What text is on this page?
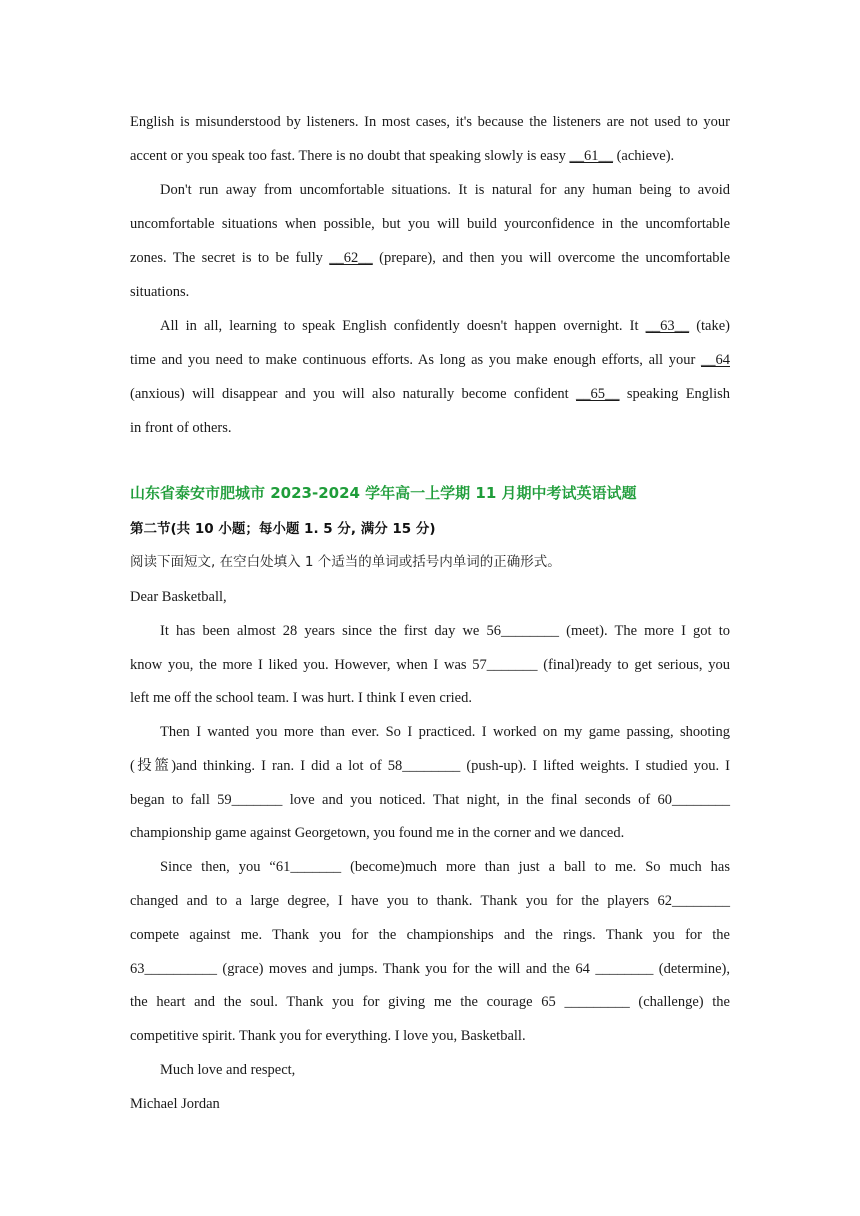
English is misunderstood by listeners. In most cases, it's because the listeners are not used to your
accent or you speak too fast. There is no doubt that speaking slowly is easy __61__ (achieve).
Don't run away from uncomfortable situations. It is natural for any human being to avoid
uncomfortable situations when possible, but you will build yourconfidence in the uncomfortable
zones. The secret is to be fully __62__ (prepare), and then you will overcome the uncomfortable
situations.
All in all, learning to speak English confidently doesn't happen overnight. It __63__ (take)
time and you need to make continuous efforts. As long as you make enough efforts, all your __64
(anxious) will disappear and you will also naturally become confident __65__ speaking English
in front of others.
山东省泰安市肥城市 2023-2024 学年高一上学期 11 月期中考试英语试题
第二节(共 10 小题；每小题 1. 5 分, 满分 15 分)
阅读下面短文, 在空白处填入 1 个适当的单词或括号内单词的正确形式。
Dear Basketball,
It has been almost 28 years since the first day we 56________ (meet). The more I got to
know you, the more I liked you. However, when I was 57_______ (final)ready to get serious, you
left me off the school team. I was hurt. I think I even cried.
Then I wanted you more than ever. So I practiced. I worked on my game passing, shooting
(投篮)and thinking. I ran. I did a lot of 58________ (push-up). I lifted weights. I studied you. I
began to fall 59_______ love and you noticed. That night, in the final seconds of 60________
championship game against Georgetown, you found me in the corner and we danced.
Since then, you “61_______ (become)much more than just a ball to me. So much has
changed and to a large degree, I have you to thank. Thank you for the players 62________
compete against me. Thank you for the championships and the rings. Thank you for the
63__________ (grace) moves and jumps. Thank you for the will and the 64 ________ (determine),
the heart and the soul. Thank you for giving me the courage 65 _________ (challenge) the
competitive spirit. Thank you for everything. I love you, Basketball.
Much love and respect,
Michael Jordan
